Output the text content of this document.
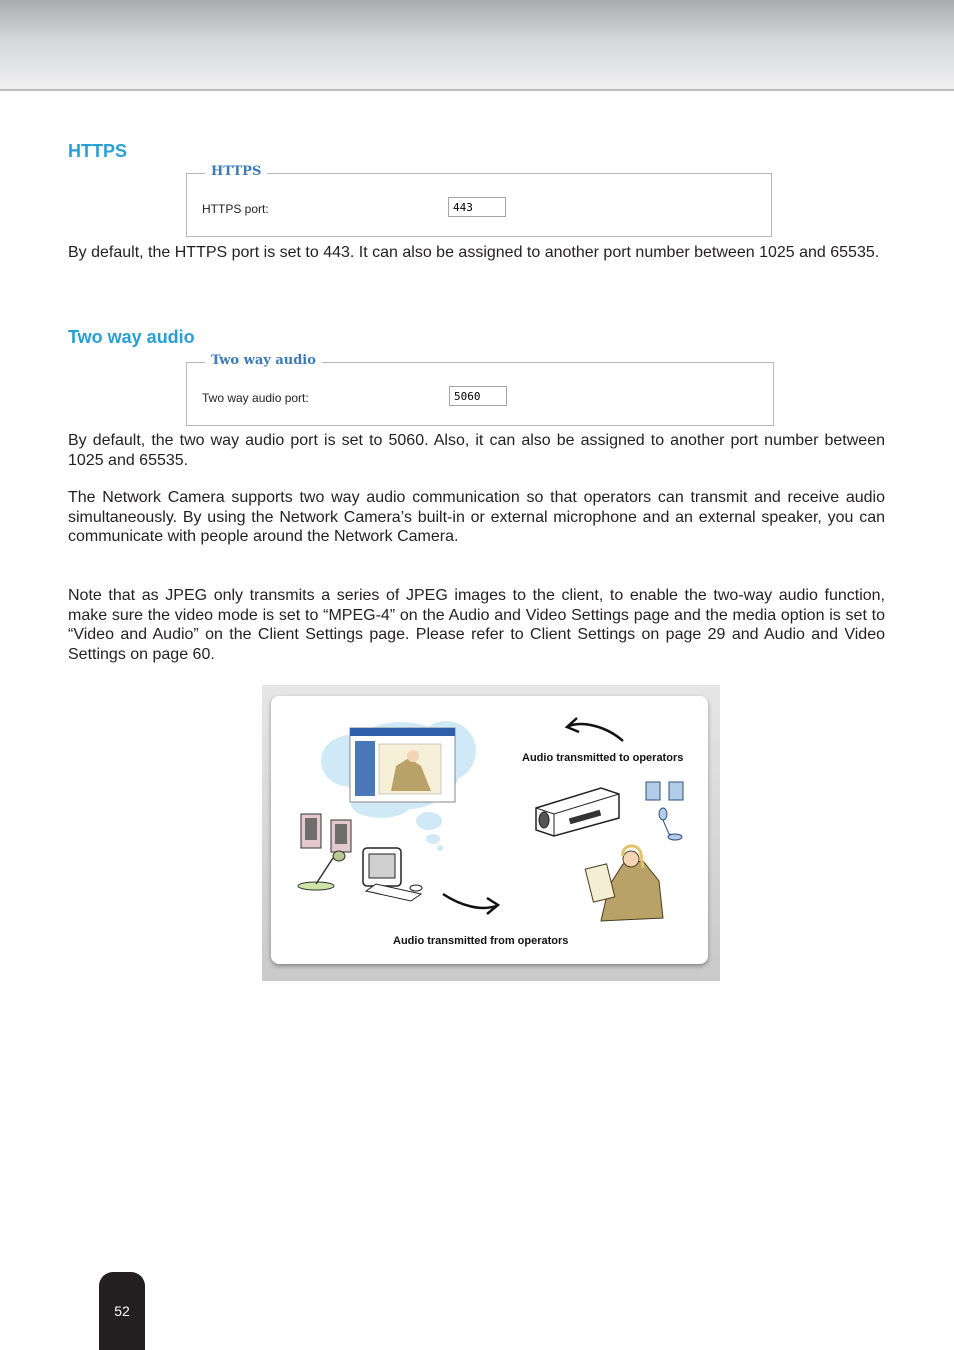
HTTPS
HTTPS
HTTPS port:
443

By default, the HTTPS port is set to 443. It can also be assigned to another port number between 1025 and 65535.

Two way audio
Two way audio
Two way audio port:
5060

By default, the two way audio port is set to 5060. Also, it can also be assigned to another port number between 1025 and 65535.

The Network Camera supports two way audio communication so that operators can transmit and receive audio simultaneously. By using the Network Camera’s built-in or external microphone and an external speaker, you can communicate with people around the Network Camera.

Note that as JPEG only transmits a series of JPEG images to the client, to enable the two-way audio function, make sure the video mode is set to “MPEG-4” on the Audio and Video Settings page and the media option is set to “Video and Audio” on the Client Settings page. Please refer to Client Settings on page 29 and Audio and Video Settings on page 60.

Audio transmitted to operators
Audio transmitted from operators
52
